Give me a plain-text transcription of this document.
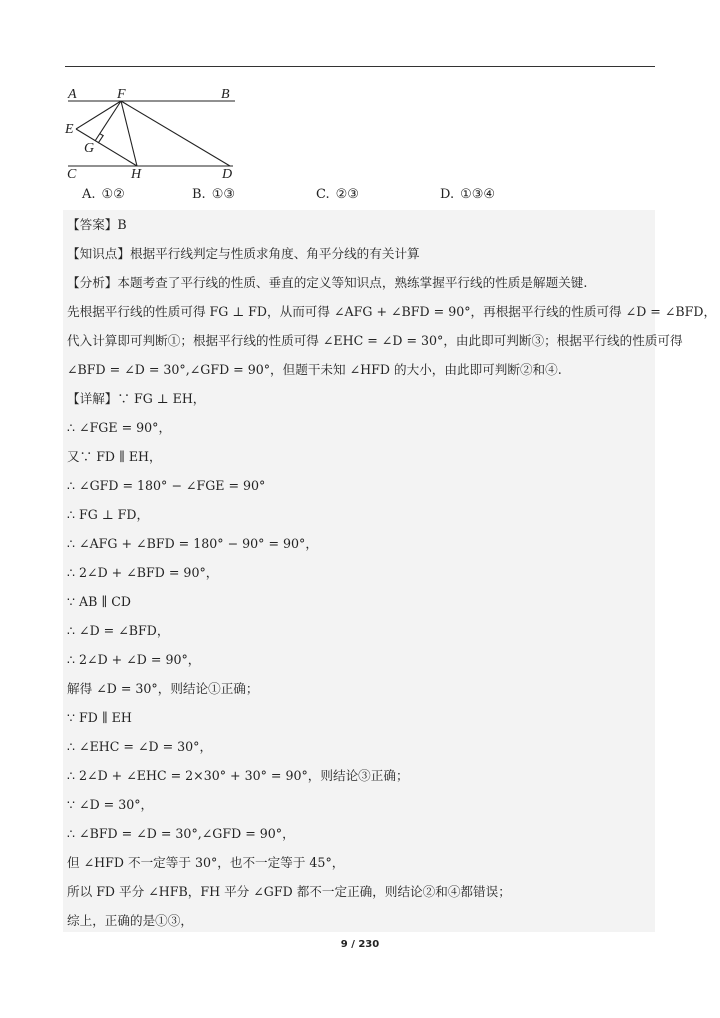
A	F	B
E
G
C	H	D
A. ①②	B. ①③	C. ②③	D. ①③④
【答案】B
【知识点】根据平行线判定与性质求角度、角平分线的有关计算
【分析】本题考查了平行线的性质、垂直的定义等知识点，熟练掌握平行线的性质是解题关键.
先根据平行线的性质可得 FG ⊥ FD，从而可得 ∠AFG + ∠BFD = 90°，再根据平行线的性质可得 ∠D = ∠BFD，
代入计算即可判断①；根据平行线的性质可得 ∠EHC = ∠D = 30°，由此即可判断③；根据平行线的性质可得
∠BFD = ∠D = 30°,∠GFD = 90°，但题干未知 ∠HFD 的大小，由此即可判断②和④.
【详解】∵ FG ⊥ EH，
∴ ∠FGE = 90°，
又∵ FD ∥ EH，
∴ ∠GFD = 180° − ∠FGE = 90°
∴ FG ⊥ FD，
∴ ∠AFG + ∠BFD = 180° − 90° = 90°，
∴ 2∠D + ∠BFD = 90°，
∵ AB ∥ CD
∴ ∠D = ∠BFD，
∴ 2∠D + ∠D = 90°，
解得 ∠D = 30°，则结论①正确；
∵ FD ∥ EH
∴ ∠EHC = ∠D = 30°，
∴ 2∠D + ∠EHC = 2×30° + 30° = 90°，则结论③正确；
∵ ∠D = 30°，
∴ ∠BFD = ∠D = 30°,∠GFD = 90°，
但 ∠HFD 不一定等于 30°，也不一定等于 45°，
所以 FD 平分 ∠HFB，FH 平分 ∠GFD 都不一定正确，则结论②和④都错误；
综上，正确的是①③，
9 / 230
